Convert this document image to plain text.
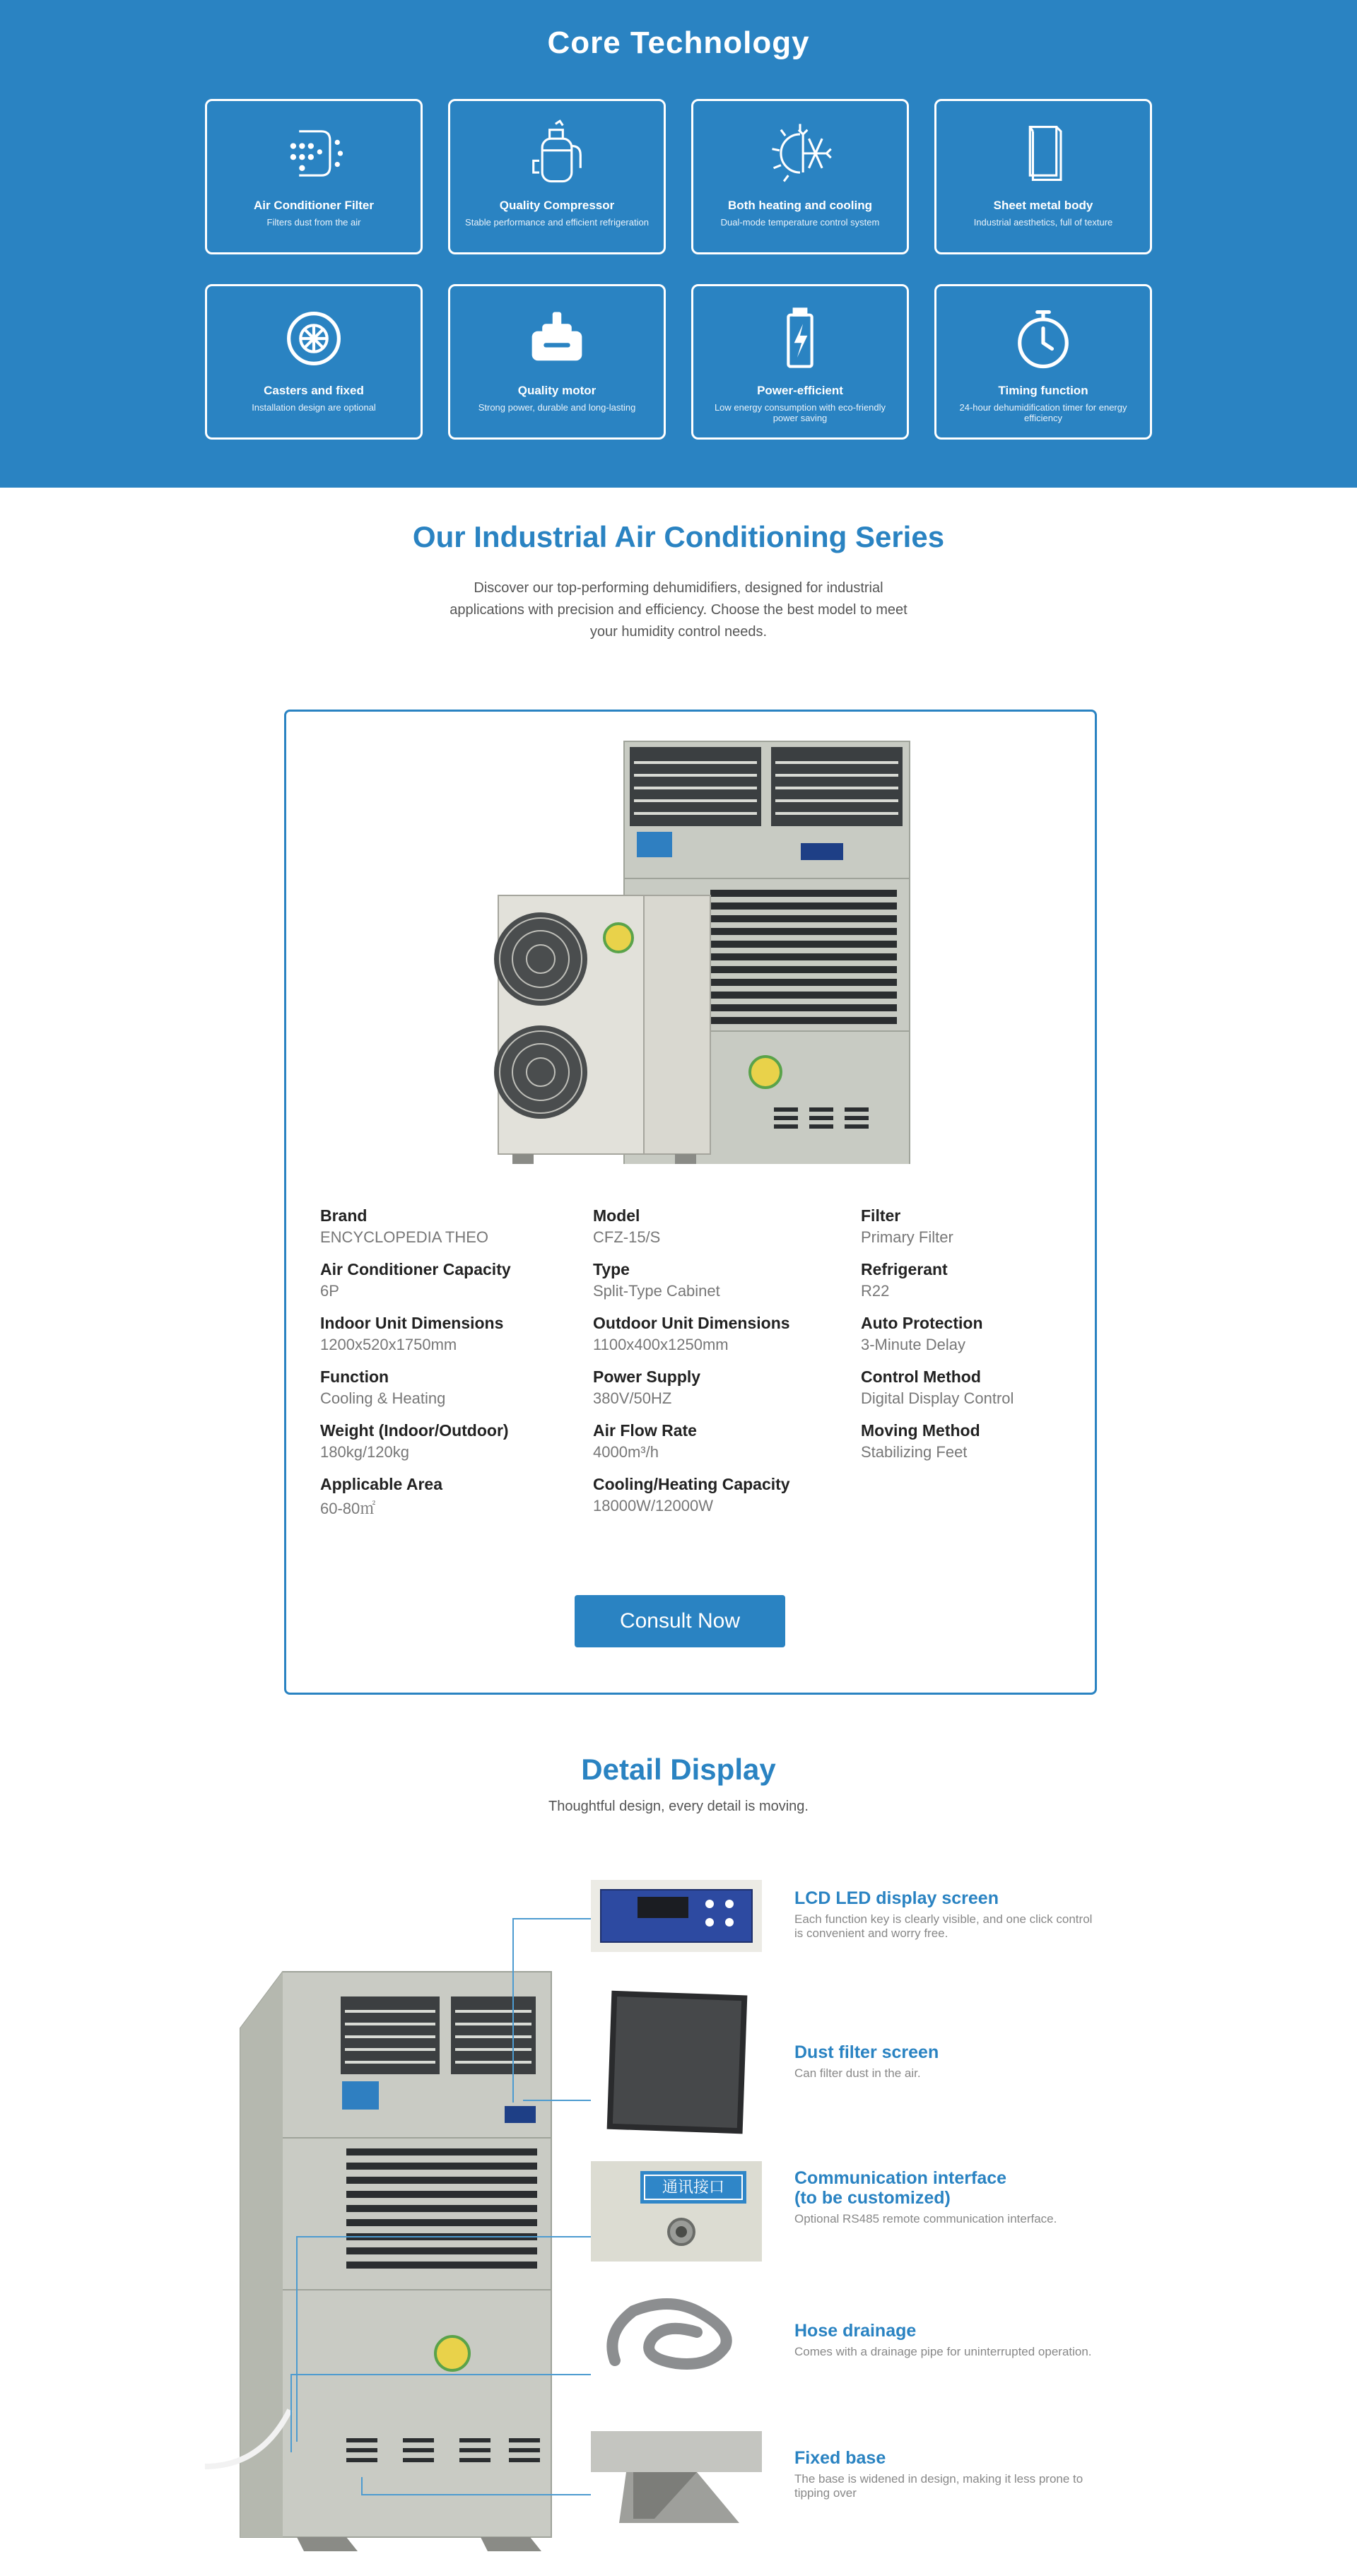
Core Technology
Air Conditioner Filter
Filters dust from the air
Quality Compressor
Stable performance and efficient refrigeration
Both heating and cooling
Dual-mode temperature control system
Sheet metal body
Industrial aesthetics, full of texture
Casters and fixed
Installation design are optional
Quality motor
Strong power, durable and long-lasting
Power-efficient
Low energy consumption with eco-friendly power saving
Timing function
24-hour dehumidification timer for energy efficiency
Our Industrial Air Conditioning Series

Discover our top-performing dehumidifiers, designed for industrial applications with precision and efficiency. Choose the best model to meet your humidity control needs.

Brand
ENCYCLOPEDIA THEO
Air Conditioner Capacity
6P
Indoor Unit Dimensions
1200x520x1750mm
Function
Cooling & Heating
Weight (Indoor/Outdoor)
180kg/120kg
Applicable Area
60-80㎡
Model
CFZ-15/S
Type
Split-Type Cabinet
Outdoor Unit Dimensions
1100x400x1250mm
Power Supply
380V/50HZ
Air Flow Rate
4000m³/h
Cooling/Heating Capacity
18000W/12000W
Filter
Primary Filter
Refrigerant
R22
Auto Protection
3-Minute Delay
Control Method
Digital Display Control
Moving Method
Stabilizing Feet
Consult Now
Detail Display

Thoughtful design, every detail is moving.

通讯接口
LCD LED display screen
Each function key is clearly visible, and one click control is convenient and worry free.
Dust filter screen
Can filter dust in the air.
Communication interface
(to be customized)
Optional RS485 remote communication interface.
Hose drainage
Comes with a drainage pipe for uninterrupted operation.
Fixed base
The base is widened in design, making it less prone to tipping over
